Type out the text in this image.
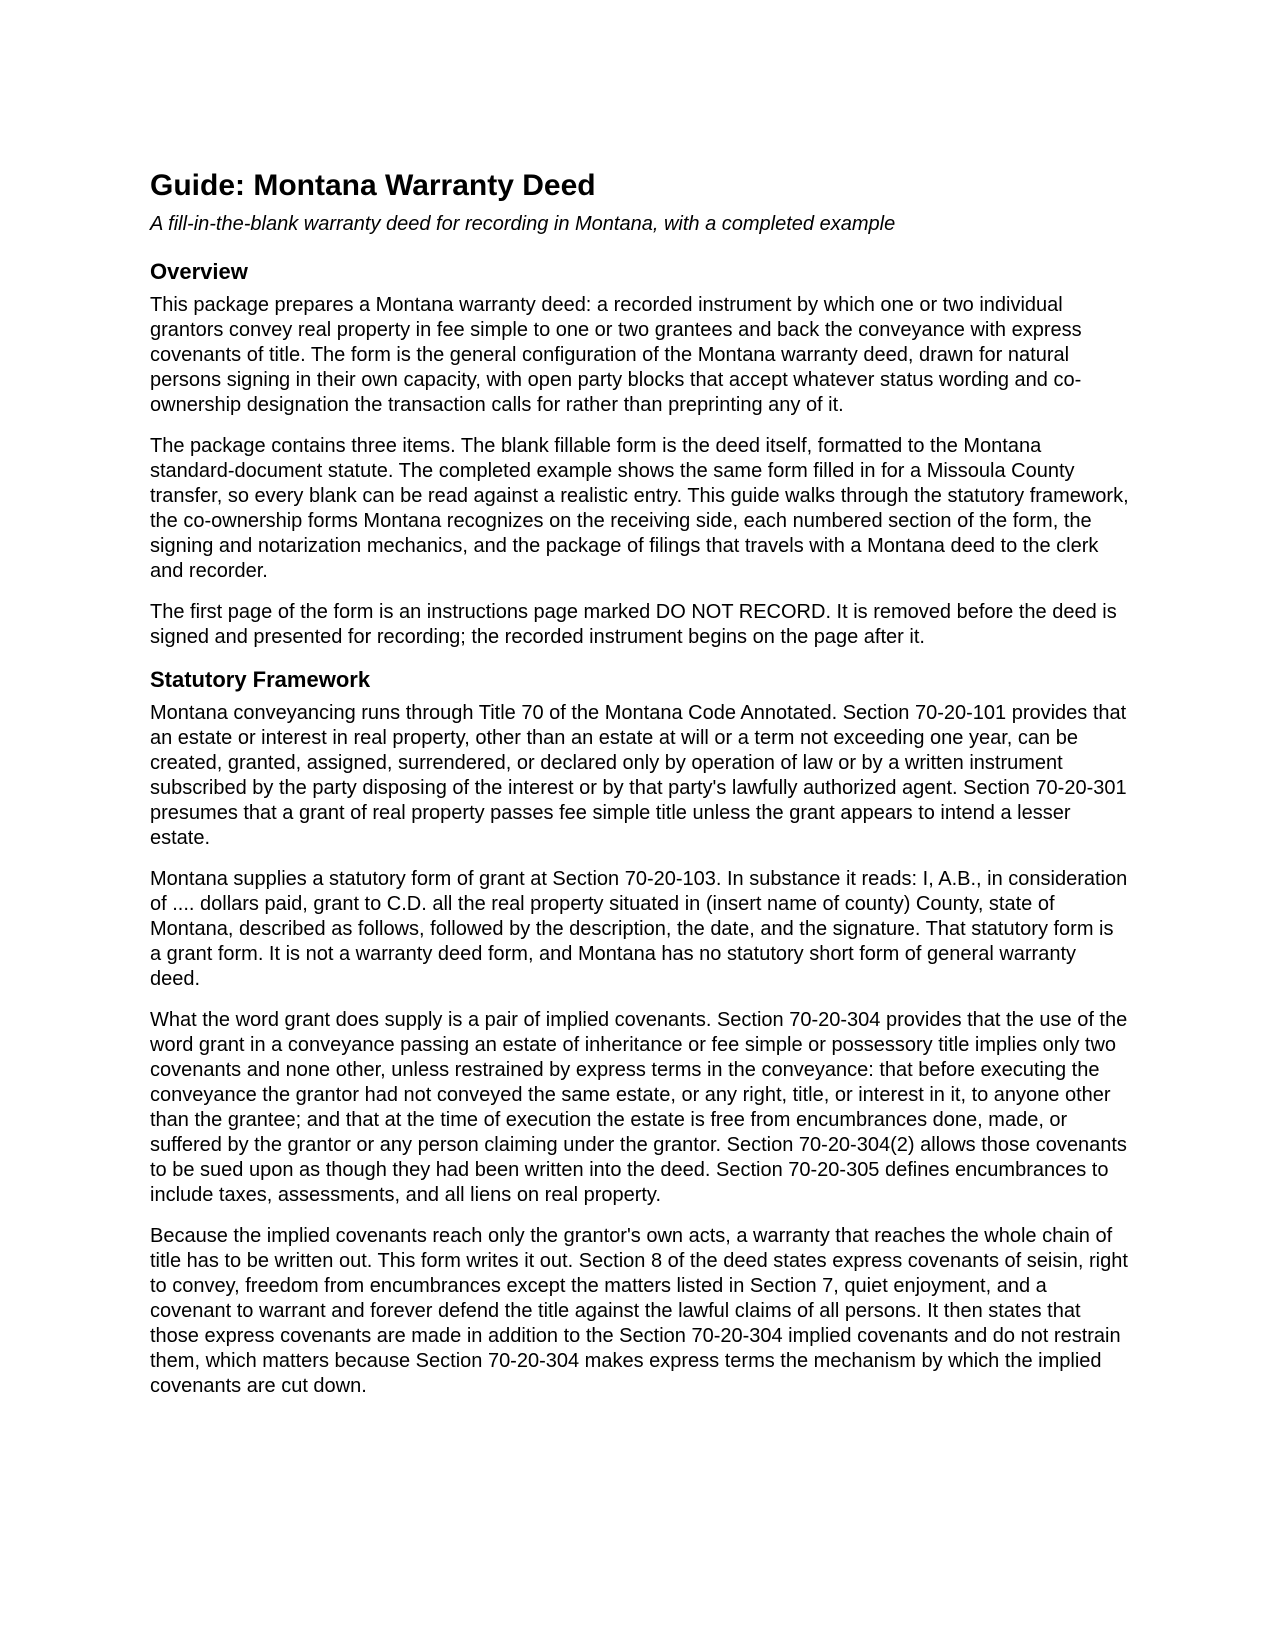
Guide: Montana Warranty Deed
A fill-in-the-blank warranty deed for recording in Montana, with a completed example
Overview

This package prepares a Montana warranty deed: a recorded instrument by which one or two individual grantors convey real property in fee simple to one or two grantees and back the conveyance with express covenants of title. The form is the general configuration of the Montana warranty deed, drawn for natural persons signing in their own capacity, with open party blocks that accept whatever status wording and co-ownership designation the transaction calls for rather than preprinting any of it.

The package contains three items. The blank fillable form is the deed itself, formatted to the Montana standard-document statute. The completed example shows the same form filled in for a Missoula County transfer, so every blank can be read against a realistic entry. This guide walks through the statutory framework, the co-ownership forms Montana recognizes on the receiving side, each numbered section of the form, the signing and notarization mechanics, and the package of filings that travels with a Montana deed to the clerk and recorder.

The first page of the form is an instructions page marked DO NOT RECORD. It is removed before the deed is signed and presented for recording; the recorded instrument begins on the page after it.

Statutory Framework

Montana conveyancing runs through Title 70 of the Montana Code Annotated. Section 70-20-101 provides that an estate or interest in real property, other than an estate at will or a term not exceeding one year, can be created, granted, assigned, surrendered, or declared only by operation of law or by a written instrument subscribed by the party disposing of the interest or by that party's lawfully authorized agent. Section 70-20-301 presumes that a grant of real property passes fee simple title unless the grant appears to intend a lesser estate.

Montana supplies a statutory form of grant at Section 70-20-103. In substance it reads: I, A.B., in consideration of .... dollars paid, grant to C.D. all the real property situated in (insert name of county) County, state of Montana, described as follows, followed by the description, the date, and the signature. That statutory form is a grant form. It is not a warranty deed form, and Montana has no statutory short form of general warranty deed.

What the word grant does supply is a pair of implied covenants. Section 70-20-304 provides that the use of the word grant in a conveyance passing an estate of inheritance or fee simple or possessory title implies only two covenants and none other, unless restrained by express terms in the conveyance: that before executing the conveyance the grantor had not conveyed the same estate, or any right, title, or interest in it, to anyone other than the grantee; and that at the time of execution the estate is free from encumbrances done, made, or suffered by the grantor or any person claiming under the grantor. Section 70-20-304(2) allows those covenants to be sued upon as though they had been written into the deed. Section 70-20-305 defines encumbrances to include taxes, assessments, and all liens on real property.

Because the implied covenants reach only the grantor's own acts, a warranty that reaches the whole chain of title has to be written out. This form writes it out. Section 8 of the deed states express covenants of seisin, right to convey, freedom from encumbrances except the matters listed in Section 7, quiet enjoyment, and a covenant to warrant and forever defend the title against the lawful claims of all persons. It then states that those express covenants are made in addition to the Section 70-20-304 implied covenants and do not restrain them, which matters because Section 70-20-304 makes express terms the mechanism by which the implied covenants are cut down.
